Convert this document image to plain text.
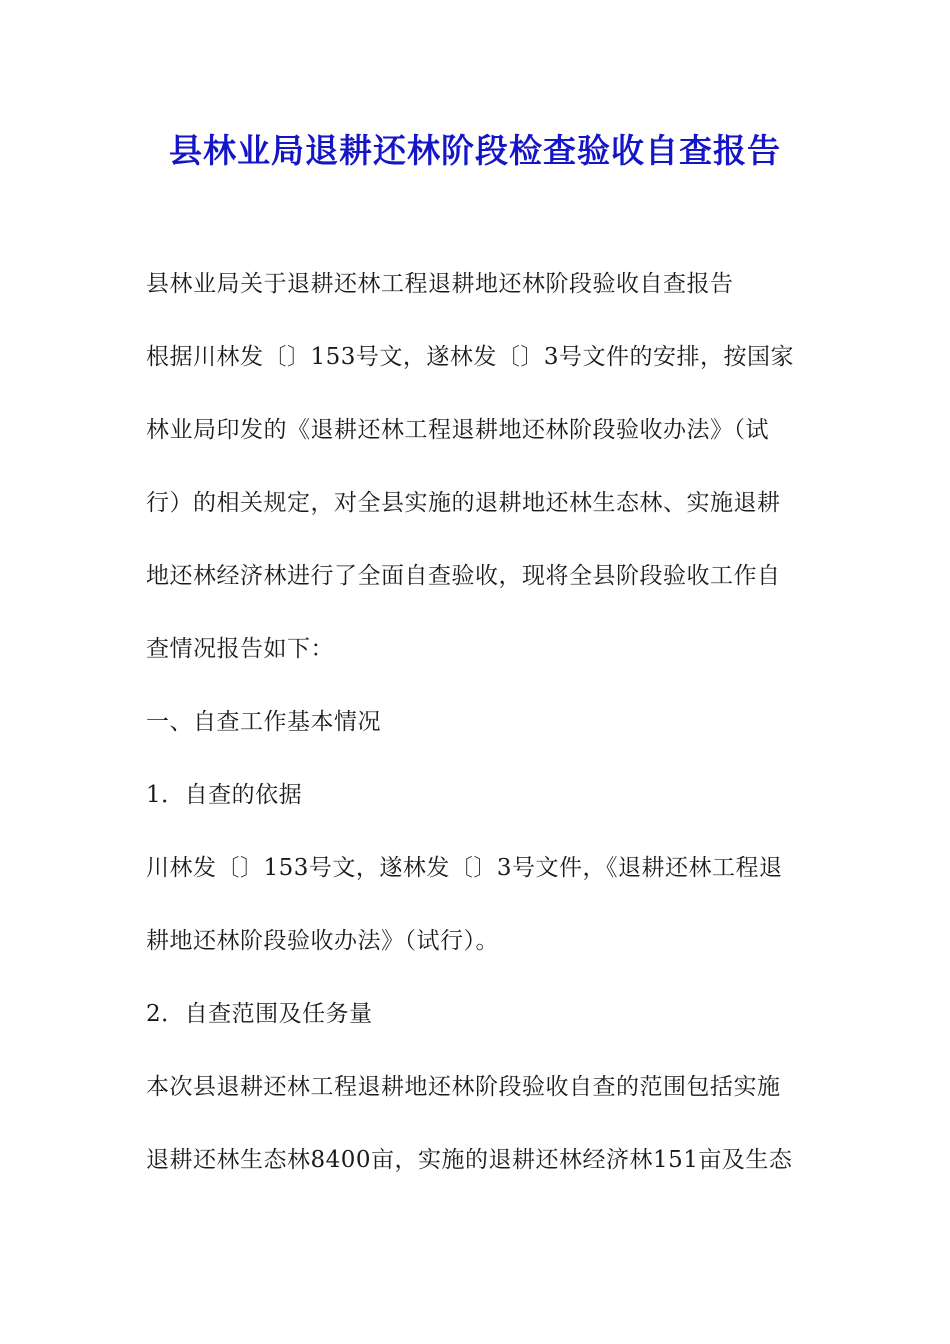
县林业局退耕还林阶段检查验收自查报告
县林业局关于退耕还林工程退耕地还林阶段验收自查报告
根据川林发〔〕153号文，遂林发〔〕3号文件的安排，按国家
林业局印发的《退耕还林工程退耕地还林阶段验收办法》（试
行）的相关规定，对全县实施的退耕地还林生态林、实施退耕
地还林经济林进行了全面自查验收，现将全县阶段验收工作自
查情况报告如下：
一、自查工作基本情况
1．自查的依据
川林发〔〕153号文，遂林发〔〕3号文件，《退耕还林工程退
耕地还林阶段验收办法》（试行）。
2．自查范围及任务量
本次县退耕还林工程退耕地还林阶段验收自查的范围包括实施
退耕还林生态林8400亩，实施的退耕还林经济林151亩及生态
